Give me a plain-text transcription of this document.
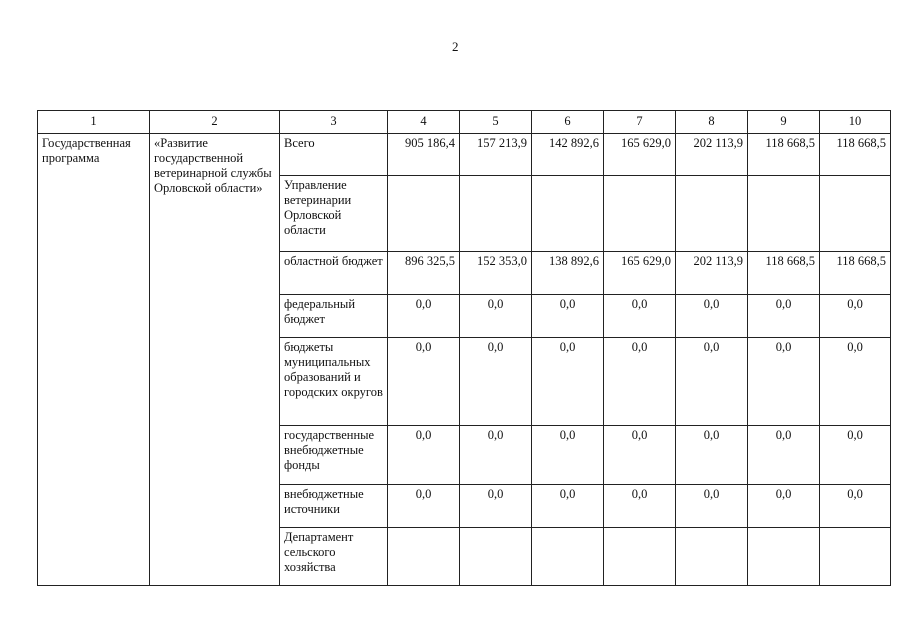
2
1	2	3	4	5	6	7	8	9	10
Государственная программа	«Развитие государственной ветеринарной службы Орловской области»	Всего	905 186,4	157 213,9	142 892,6	165 629,0	202 113,9	118 668,5	118 668,5
		Управление ветеринарии Орловской области							
		областной бюджет	896 325,5	152 353,0	138 892,6	165 629,0	202 113,9	118 668,5	118 668,5
		федеральный бюджет	0,0	0,0	0,0	0,0	0,0	0,0	0,0
		бюджеты муниципальных образований и городских округов	0,0	0,0	0,0	0,0	0,0	0,0	0,0
		государственные внебюджетные фонды	0,0	0,0	0,0	0,0	0,0	0,0	0,0
		внебюджетные источники	0,0	0,0	0,0	0,0	0,0	0,0	0,0
		Департамент сельского хозяйства							
